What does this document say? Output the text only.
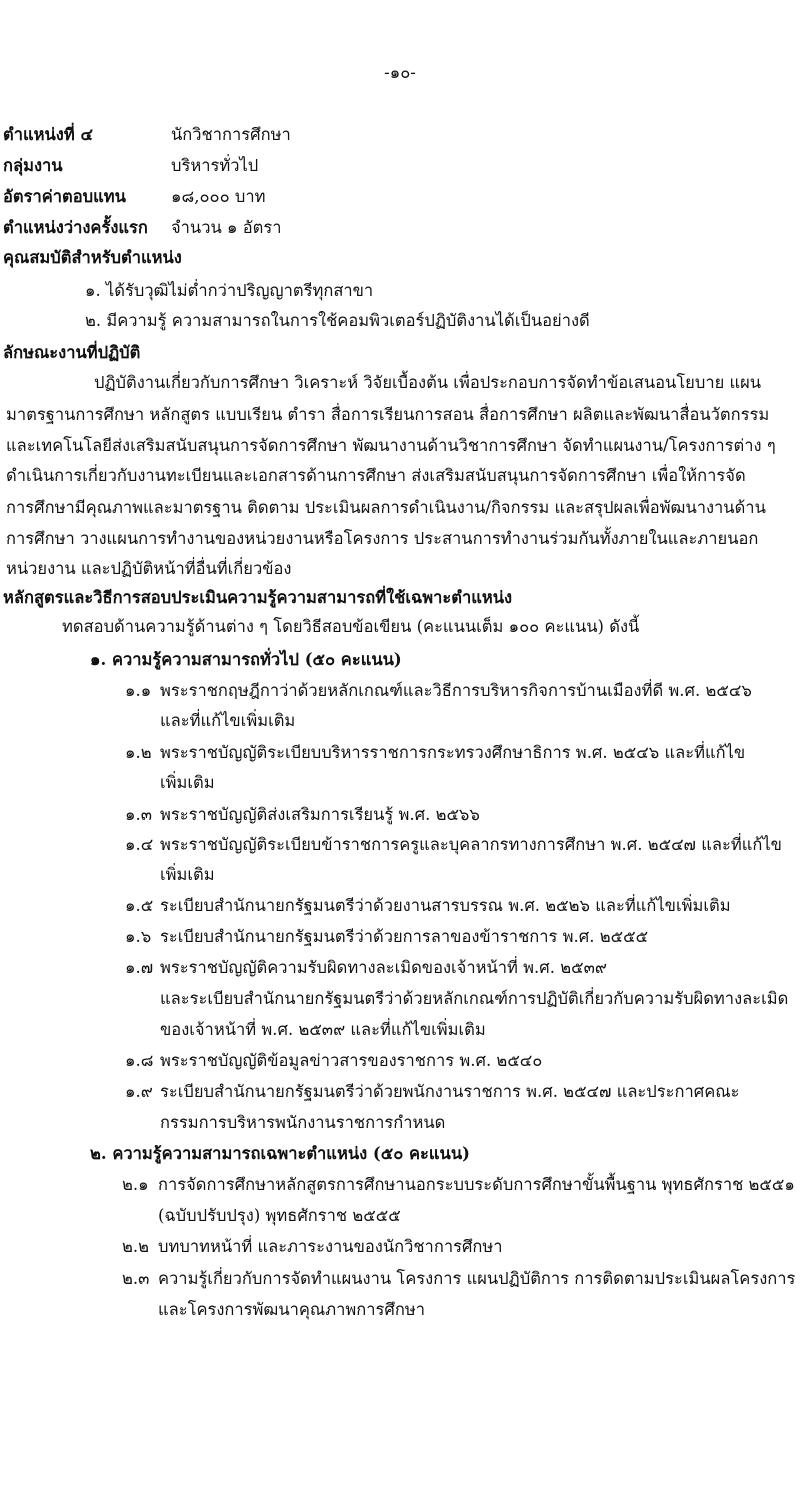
-๑๐-
ตำแหน่งที่ ๔	นักวิชาการศึกษา
กลุ่มงาน	บริหารทั่วไป
อัตราค่าตอบแทน	๑๘,๐๐๐ บาท
ตำแหน่งว่างครั้งแรก จำนวน ๑ อัตรา
คุณสมบัติสำหรับตำแหน่ง
๑. ได้รับวุฒิไม่ต่ำกว่าปริญญาตรีทุกสาขา
๒. มีความรู้ ความสามารถในการใช้คอมพิวเตอร์ปฏิบัติงานได้เป็นอย่างดี
ลักษณะงานที่ปฏิบัติ
ปฏิบัติงานเกี่ยวกับการศึกษา วิเคราะห์ วิจัยเบื้องต้น เพื่อประกอบการจัดทำข้อเสนอนโยบาย แผน
มาตรฐานการศึกษา หลักสูตร แบบเรียน ตำรา สื่อการเรียนการสอน สื่อการศึกษา ผลิตและพัฒนาสื่อนวัตกรรม
และเทคโนโลยีส่งเสริมสนับสนุนการจัดการศึกษา พัฒนางานด้านวิชาการศึกษา จัดทำแผนงาน/โครงการต่าง ๆ
ดำเนินการเกี่ยวกับงานทะเบียนและเอกสารด้านการศึกษา ส่งเสริมสนับสนุนการจัดการศึกษา เพื่อให้การจัด
การศึกษามีคุณภาพและมาตรฐาน ติดตาม ประเมินผลการดำเนินงาน/กิจกรรม และสรุปผลเพื่อพัฒนางานด้าน
การศึกษา วางแผนการทำงานของหน่วยงานหรือโครงการ ประสานการทำงานร่วมกันทั้งภายในและภายนอก
หน่วยงาน และปฏิบัติหน้าที่อื่นที่เกี่ยวข้อง
หลักสูตรและวิธีการสอบประเมินความรู้ความสามารถที่ใช้เฉพาะตำแหน่ง
ทดสอบด้านความรู้ด้านต่าง ๆ โดยวิธีสอบข้อเขียน (คะแนนเต็ม ๑๐๐ คะแนน) ดังนี้
๑. ความรู้ความสามารถทั่วไป (๕๐ คะแนน)
๑.๑ พระราชกฤษฎีกาว่าด้วยหลักเกณฑ์และวิธีการบริหารกิจการบ้านเมืองที่ดี พ.ศ. ๒๕๔๖
และที่แก้ไขเพิ่มเติม
๑.๒ พระราชบัญญัติระเบียบบริหารราชการกระทรวงศึกษาธิการ พ.ศ. ๒๕๔๖ และที่แก้ไข
เพิ่มเติม
๑.๓ พระราชบัญญัติส่งเสริมการเรียนรู้ พ.ศ. ๒๕๖๖
๑.๔ พระราชบัญญัติระเบียบข้าราชการครูและบุคลากรทางการศึกษา พ.ศ. ๒๕๔๗ และที่แก้ไข
เพิ่มเติม
๑.๕ ระเบียบสำนักนายกรัฐมนตรีว่าด้วยงานสารบรรณ พ.ศ. ๒๕๒๖ และที่แก้ไขเพิ่มเติม
๑.๖ ระเบียบสำนักนายกรัฐมนตรีว่าด้วยการลาของข้าราชการ พ.ศ. ๒๕๕๕
๑.๗ พระราชบัญญัติความรับผิดทางละเมิดของเจ้าหน้าที่ พ.ศ. ๒๕๓๙
และระเบียบสำนักนายกรัฐมนตรีว่าด้วยหลักเกณฑ์การปฏิบัติเกี่ยวกับความรับผิดทางละเมิด
ของเจ้าหน้าที่ พ.ศ. ๒๕๓๙ และที่แก้ไขเพิ่มเติม
๑.๘ พระราชบัญญัติข้อมูลข่าวสารของราชการ พ.ศ. ๒๕๔๐
๑.๙ ระเบียบสำนักนายกรัฐมนตรีว่าด้วยพนักงานราชการ พ.ศ. ๒๕๔๗ และประกาศคณะ
กรรมการบริหารพนักงานราชการกำหนด
๒. ความรู้ความสามารถเฉพาะตำแหน่ง (๕๐ คะแนน)
๒.๑ การจัดการศึกษาหลักสูตรการศึกษานอกระบบระดับการศึกษาขั้นพื้นฐาน พุทธศักราช ๒๕๕๑
(ฉบับปรับปรุง) พุทธศักราช ๒๕๕๕
๒.๒ บทบาทหน้าที่ และภาระงานของนักวิชาการศึกษา
๒.๓ ความรู้เกี่ยวกับการจัดทำแผนงาน โครงการ แผนปฏิบัติการ การติดตามประเมินผลโครงการ
และโครงการพัฒนาคุณภาพการศึกษา
